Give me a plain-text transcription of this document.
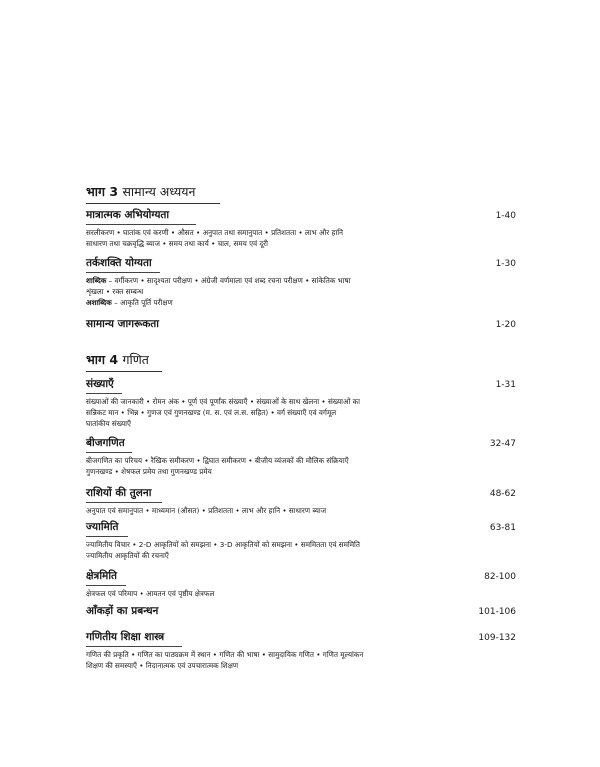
भाग 3 सामान्य अध्ययन
मात्रात्मक अभियोग्यता	1-40
सरलीकरण • घातांक एवं करणी • औसत • अनुपात तथा समानुपात • प्रतिशतता • लाभ और हानि
साधारण तथा चक्रवृद्धि ब्याज • समय तथा कार्य • चाल, समय एवं दूरी
तर्कशक्ति योग्यता	1-30
शाब्दिक – वर्गीकरण • सादृश्यता परीक्षण • अंग्रेजी वर्णमाला एवं शब्द रचना परीक्षण • सांकेतिक भाषा
शृंखला • रक्त सम्बन्ध
अशाब्दिक – आकृति पूर्ति परीक्षण
सामान्य जागरूकता	1-20
भाग 4 गणित
संख्याएँ	1-31
संख्याओं की जानकारी • रोमन अंक • पूर्ण एवं पूर्णांक संख्याएँ • संख्याओं के साथ खेलना • संख्याओं का
सन्निकट मान • भिन्न • गुणज एवं गुणनखण्ड (म. स. एवं ल.स. सहित) • वर्ग संख्याएँ एवं वर्गमूल
घातांकीय संख्याएँ
बीजगणित	32-47
बीजगणित का परिचय • रैखिक समीकरण • द्विघात समीकरण • बीजीय व्यंजकों की मौलिक संक्रियाएँ
गुणनखण्ड • शेषफल प्रमेय तथा गुणनखण्ड प्रमेय
राशियों की तुलना	48-62
अनुपात एवं समानुपात • माध्यमान (औसत) • प्रतिशतता • लाभ और हानि • साधारण ब्याज
ज्यामिति	63-81
ज्यामितीय विचार • 2-D आकृतियों को समझना • 3-D आकृतियों को समझना • सममितता एवं सममिति
ज्यामितीय आकृतियों की रचनाएँ
क्षेत्रमिति	82-100
क्षेत्रफल एवं परिमाप • आयतन एवं पृष्ठीय क्षेत्रफल
आँकड़ों का प्रबन्धन	101-106
गणितीय शिक्षा शास्त्र	109-132
गणित की प्रकृति • गणित का पाठ्यक्रम में स्थान • गणित की भाषा • सामुदायिक गणित • गणित मूल्यांकन
शिक्षण की समस्याएँ • निदानात्मक एवं उपचारात्मक शिक्षण
